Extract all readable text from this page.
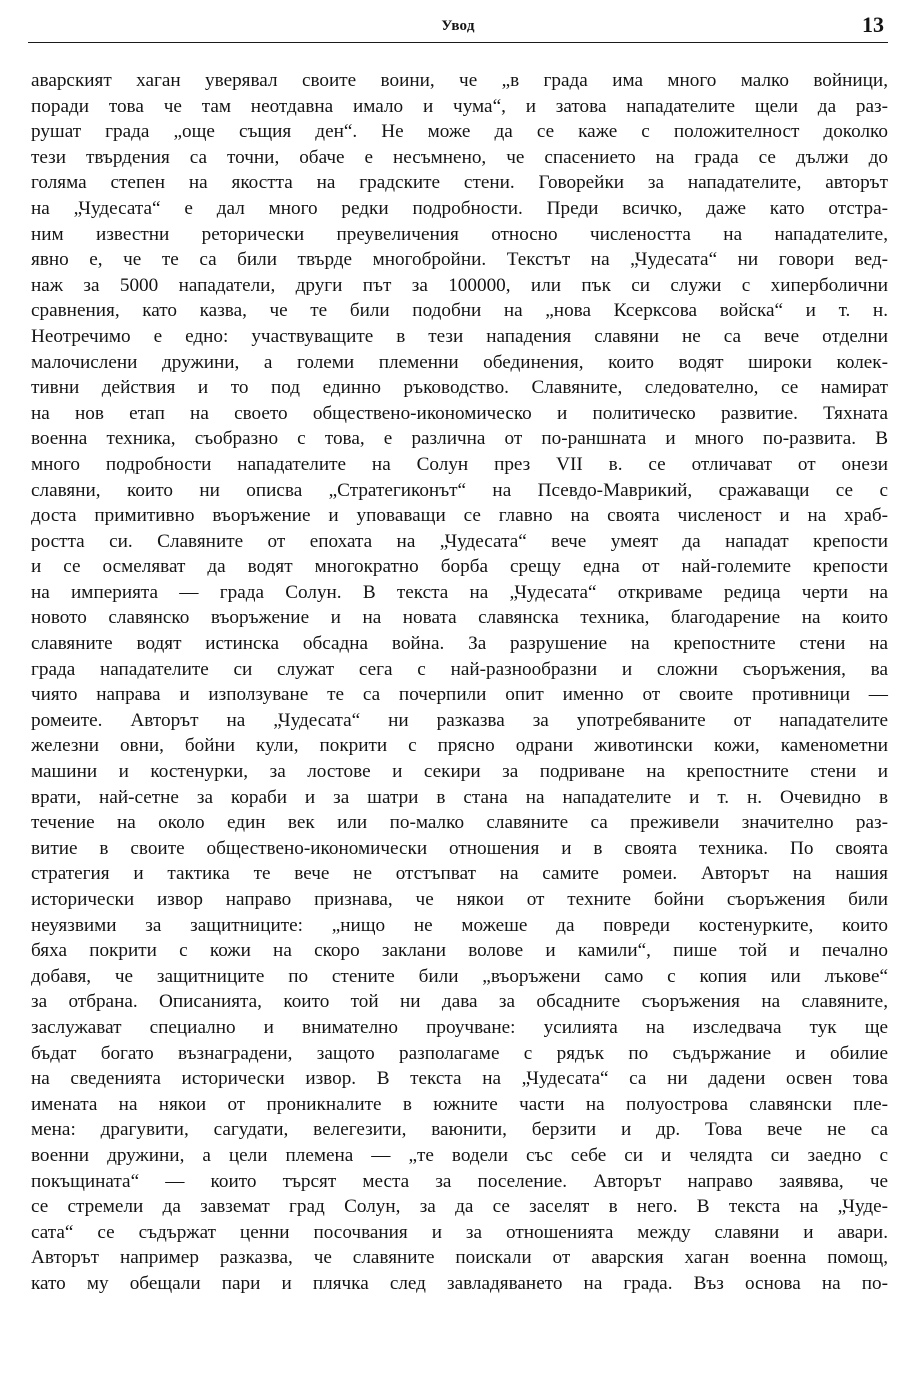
Увод	13
аварският хаган уверявал своите воини, че „в града има много малко войници,
поради това че там неотдавна имало и чума“, и затова нападателите щели да раз-
рушат града „още същия ден“. Не може да се каже с положителност доколко
тези твърдения са точни, обаче е несъмнено, че спасението на града се дължи до
голяма степен на якостта на градските стени. Говорейки за нападателите, авторът
на „Чудесата“ е дал много редки подробности. Преди всичко, даже като отстра-
ним известни реторически преувеличения относно числеността на нападателите,
явно е, че те са били твърде многобройни. Текстът на „Чудесата“ ни говори вед-
наж за 5000 нападатели, други път за 100000, или пък си служи с хиперболични
сравнения, като казва, че те били подобни на „нова Ксерксова войска“ и т. н.
Неотречимо е едно: участвуващите в тези нападения славяни не са вече отделни
малочислени дружини, а големи племенни обединения, които водят широки колек-
тивни действия и то под единно ръководство. Славяните, следователно, се намират
на нов етап на своето обществено-икономическо и политическо развитие. Тяхната
военна техника, съобразно с това, е различна от по-раншната и много по-развита. В
много подробности нападателите на Солун през VII в. се отличават от онези
славяни, които ни описва „Стратегиконът“ на Псевдо-Маврикий, сражаващи се с
доста примитивно въоръжение и уповаващи се главно на своята численост и на храб-
ростта си. Славяните от епохата на „Чудесата“ вече умеят да нападат крепости
и се осмеляват да водят многократно борба срещу една от най-големите крепости
на империята — града Солун. В текста на „Чудесата“ откриваме редица черти на
новото славянско въоръжение и на новата славянска техника, благодарение на които
славяните водят истинска обсадна война. За разрушение на крепостните стени на
града нападателите си служат сега с най-разнообразни и сложни съоръжения, ва
чиято направа и използуване те са почерпили опит именно от своите противници —
ромеите. Авторът на „Чудесата“ ни разказва за употребяваните от нападателите
железни овни, бойни кули, покрити с прясно одрани животински кожи, каменометни
машини и костенурки, за лостове и секири за подриване на крепостните стени и
врати, най-сетне за кораби и за шатри в стана на нападателите и т. н. Очевидно в
течение на около един век или по-малко славяните са преживели значително раз-
витие в своите обществено-икономически отношения и в своята техника. По своята
стратегия и тактика те вече не отстъпват на самите ромеи. Авторът на нашия
исторически извор направо признава, че някои от техните бойни съоръжения били
неуязвими за защитниците: „нищо не можеше да повреди костенурките, които
бяха покрити с кожи на скоро заклани волове и камили“, пише той и печално
добавя, че защитниците по стените били „въоръжени само с копия или лъкове“
за отбрана. Описанията, които той ни дава за обсадните съоръжения на славяните,
заслужават специално и внимателно проучване: усилията на изследвача тук ще
бъдат богато възнаградени, защото разполагаме с рядък по съдържание и обилие
на сведенията исторически извор. В текста на „Чудесата“ са ни дадени освен това
имената на някои от проникналите в южните части на полуострова славянски пле-
мена: драгувити, сагудати, велегезити, ваюнити, берзити и др. Това вече не са
военни дружини, а цели племена — „те водели със себе си и челядта си заедно с
покъщината“ — които търсят места за поселение. Авторът направо заявява, че
се стремели да завземат град Солун, за да се заселят в него. В текста на „Чуде-
сата“ се съдържат ценни посочвания и за отношенията между славяни и авари.
Авторът например разказва, че славяните поискали от аварския хаган военна помощ,
като му обещали пари и плячка след завладяването на града. Въз основа на по-
